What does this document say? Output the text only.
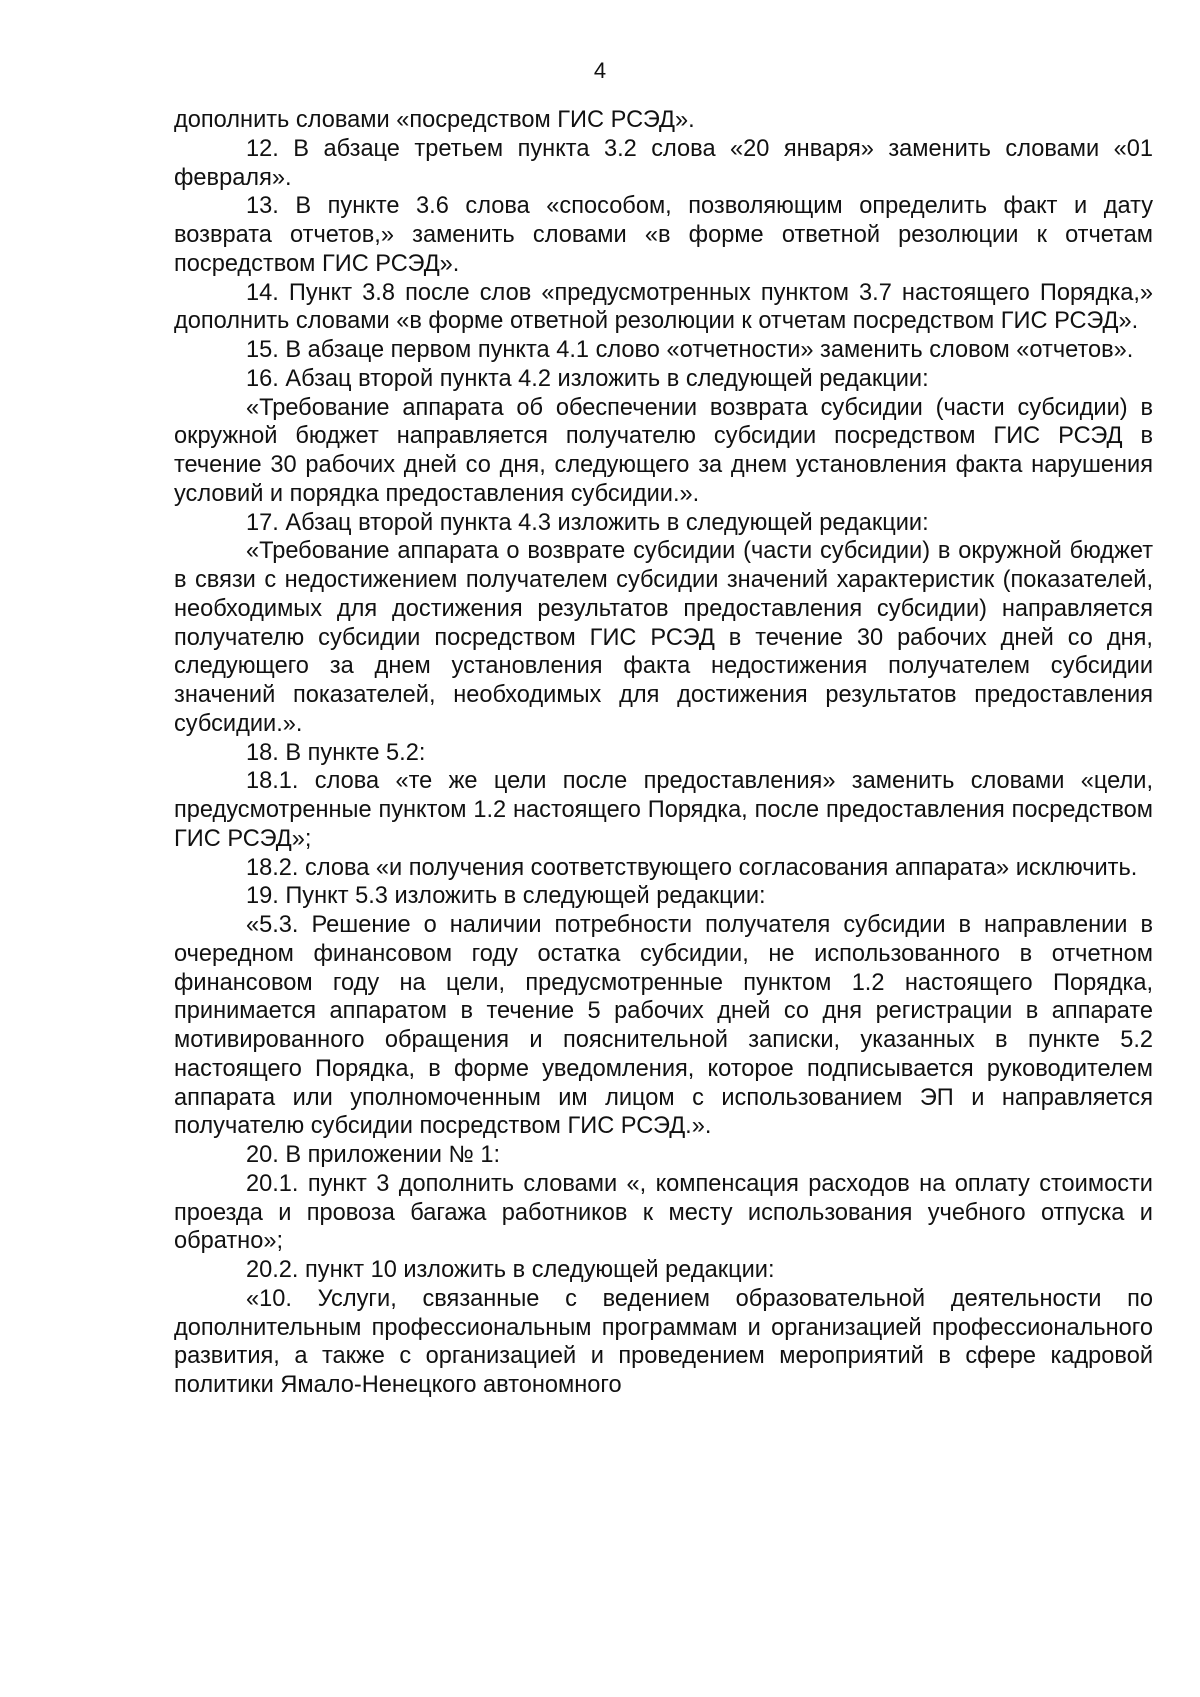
4

дополнить словами «посредством ГИС РСЭД».

12. В абзаце третьем пункта 3.2 слова «20 января» заменить словами «01 февраля».

13. В пункте 3.6 слова «способом, позволяющим определить факт и дату возврата отчетов,» заменить словами «в форме ответной резолюции к отчетам посредством ГИС РСЭД».

14. Пункт 3.8 после слов «предусмотренных пунктом 3.7 настоящего Порядка,» дополнить словами «в форме ответной резолюции к отчетам посредством ГИС РСЭД».

15. В абзаце первом пункта 4.1 слово «отчетности» заменить словом «отчетов».

16. Абзац второй пункта 4.2 изложить в следующей редакции:

«Требование аппарата об обеспечении возврата субсидии (части субсидии) в окружной бюджет направляется получателю субсидии посредством ГИС РСЭД в течение 30 рабочих дней со дня, следующего за днем установления факта нарушения условий и порядка предоставления субсидии.».

17. Абзац второй пункта 4.3 изложить в следующей редакции:

«Требование аппарата о возврате субсидии (части субсидии) в окружной бюджет в связи с недостижением получателем субсидии значений характеристик (показателей, необходимых для достижения результатов предоставления субсидии) направляется получателю субсидии посредством ГИС РСЭД в течение 30 рабочих дней со дня, следующего за днем установления факта недостижения получателем субсидии значений показателей, необходимых для достижения результатов предоставления субсидии.».

18. В пункте 5.2:

18.1. слова «те же цели после предоставления» заменить словами «цели, предусмотренные пунктом 1.2 настоящего Порядка, после предоставления посредством ГИС РСЭД»;

18.2. слова «и получения соответствующего согласования аппарата» исключить.

19. Пункт 5.3 изложить в следующей редакции:

«5.3. Решение о наличии потребности получателя субсидии в направлении в очередном финансовом году остатка субсидии, не использованного в отчетном финансовом году на цели, предусмотренные пунктом 1.2 настоящего Порядка, принимается аппаратом в течение 5 рабочих дней со дня регистрации в аппарате мотивированного обращения и пояснительной записки, указанных в пункте 5.2 настоящего Порядка, в форме уведомления, которое подписывается руководителем аппарата или уполномоченным им лицом с использованием ЭП и направляется получателю субсидии посредством ГИС РСЭД.».

20. В приложении № 1:

20.1. пункт 3 дополнить словами «, компенсация расходов на оплату стоимости проезда и провоза багажа работников к месту использования учебного отпуска и обратно»;

20.2. пункт 10 изложить в следующей редакции:

«10. Услуги, связанные с ведением образовательной деятельности по дополнительным профессиональным программам и организацией профессионального развития, а также с организацией и проведением мероприятий в сфере кадровой политики Ямало-Ненецкого автономного
